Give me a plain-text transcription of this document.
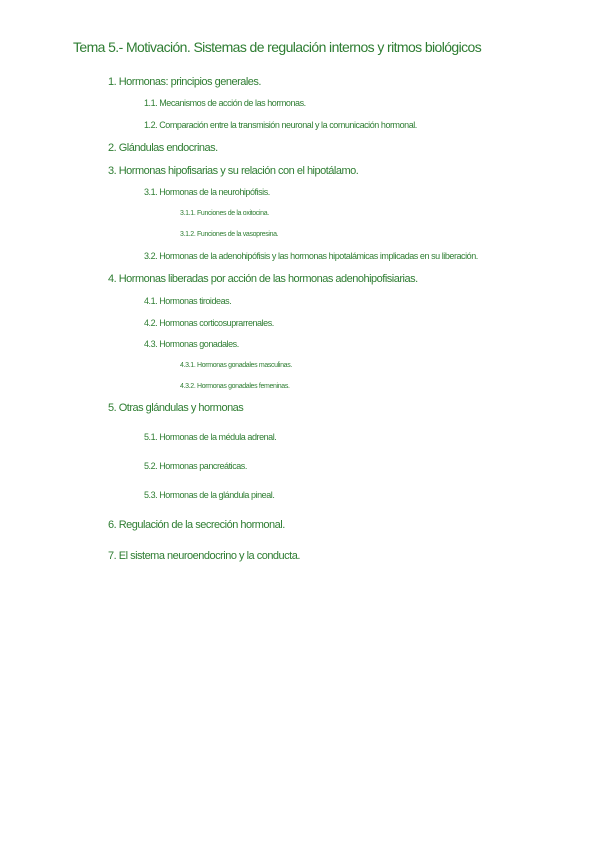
Tema 5.- Motivación. Sistemas de regulación internos y ritmos biológicos
1. Hormonas: principios generales.
1.1. Mecanismos de acción de las hormonas.
1.2. Comparación entre la transmisión neuronal y la comunicación hormonal.
2. Glándulas endocrinas.
3. Hormonas hipofisarias y su relación con el hipotálamo.
3.1. Hormonas de la neurohipófisis.
3.1.1. Funciones de la oxitocina.
3.1.2. Funciones de la vasopresina.
3.2. Hormonas de la adenohipófisis y las hormonas hipotalámicas implicadas en su liberación.
4. Hormonas liberadas por acción de las hormonas adenohipofisiarias.
4.1. Hormonas tiroideas.
4.2. Hormonas corticosuprarrenales.
4.3. Hormonas gonadales.
4.3.1. Hormonas gonadales masculinas.
4.3.2. Hormonas gonadales femeninas.
5. Otras glándulas y hormonas
5.1. Hormonas de la médula adrenal.
5.2. Hormonas pancreáticas.
5.3. Hormonas de la glándula pineal.
6. Regulación de la secreción hormonal.
7. El sistema neuroendocrino y la conducta.
